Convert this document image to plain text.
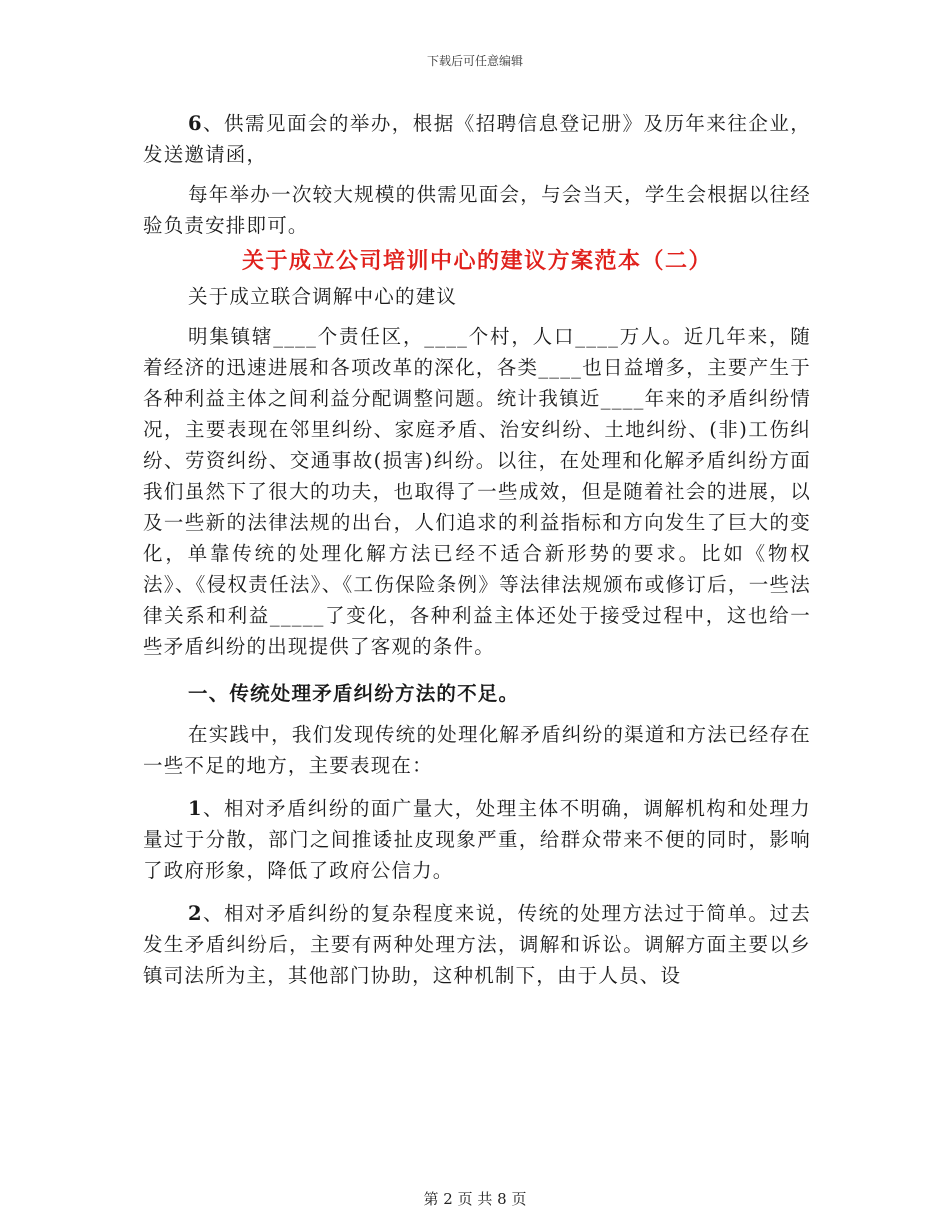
下载后可任意编辑

6、供需见面会的举办，根据《招聘信息登记册》及历年来往企业，发送邀请函，

每年举办一次较大规模的供需见面会，与会当天，学生会根据以往经验负责安排即可。

关于成立公司培训中心的建议方案范本（二）

关于成立联合调解中心的建议

明集镇辖____个责任区，____个村，人口____万人。近几年来，随着经济的迅速进展和各项改革的深化，各类____也日益增多，主要产生于各种利益主体之间利益分配调整问题。统计我镇近____年来的矛盾纠纷情况，主要表现在邻里纠纷、家庭矛盾、治安纠纷、土地纠纷、(非)工伤纠纷、劳资纠纷、交通事故(损害)纠纷。以往，在处理和化解矛盾纠纷方面我们虽然下了很大的功夫，也取得了一些成效，但是随着社会的进展，以及一些新的法律法规的出台，人们追求的利益指标和方向发生了巨大的变化，单靠传统的处理化解方法已经不适合新形势的要求。比如《物权法》、《侵权责任法》、《工伤保险条例》等法律法规颁布或修订后，一些法律关系和利益_____了变化，各种利益主体还处于接受过程中，这也给一些矛盾纠纷的出现提供了客观的条件。

一、传统处理矛盾纠纷方法的不足。

在实践中，我们发现传统的处理化解矛盾纠纷的渠道和方法已经存在一些不足的地方，主要表现在：

1、相对矛盾纠纷的面广量大，处理主体不明确，调解机构和处理力量过于分散，部门之间推诿扯皮现象严重，给群众带来不便的同时，影响了政府形象，降低了政府公信力。

2、相对矛盾纠纷的复杂程度来说，传统的处理方法过于简单。过去发生矛盾纠纷后，主要有两种处理方法，调解和诉讼。调解方面主要以乡镇司法所为主，其他部门协助，这种机制下，由于人员、设

第 2 页 共 8 页
